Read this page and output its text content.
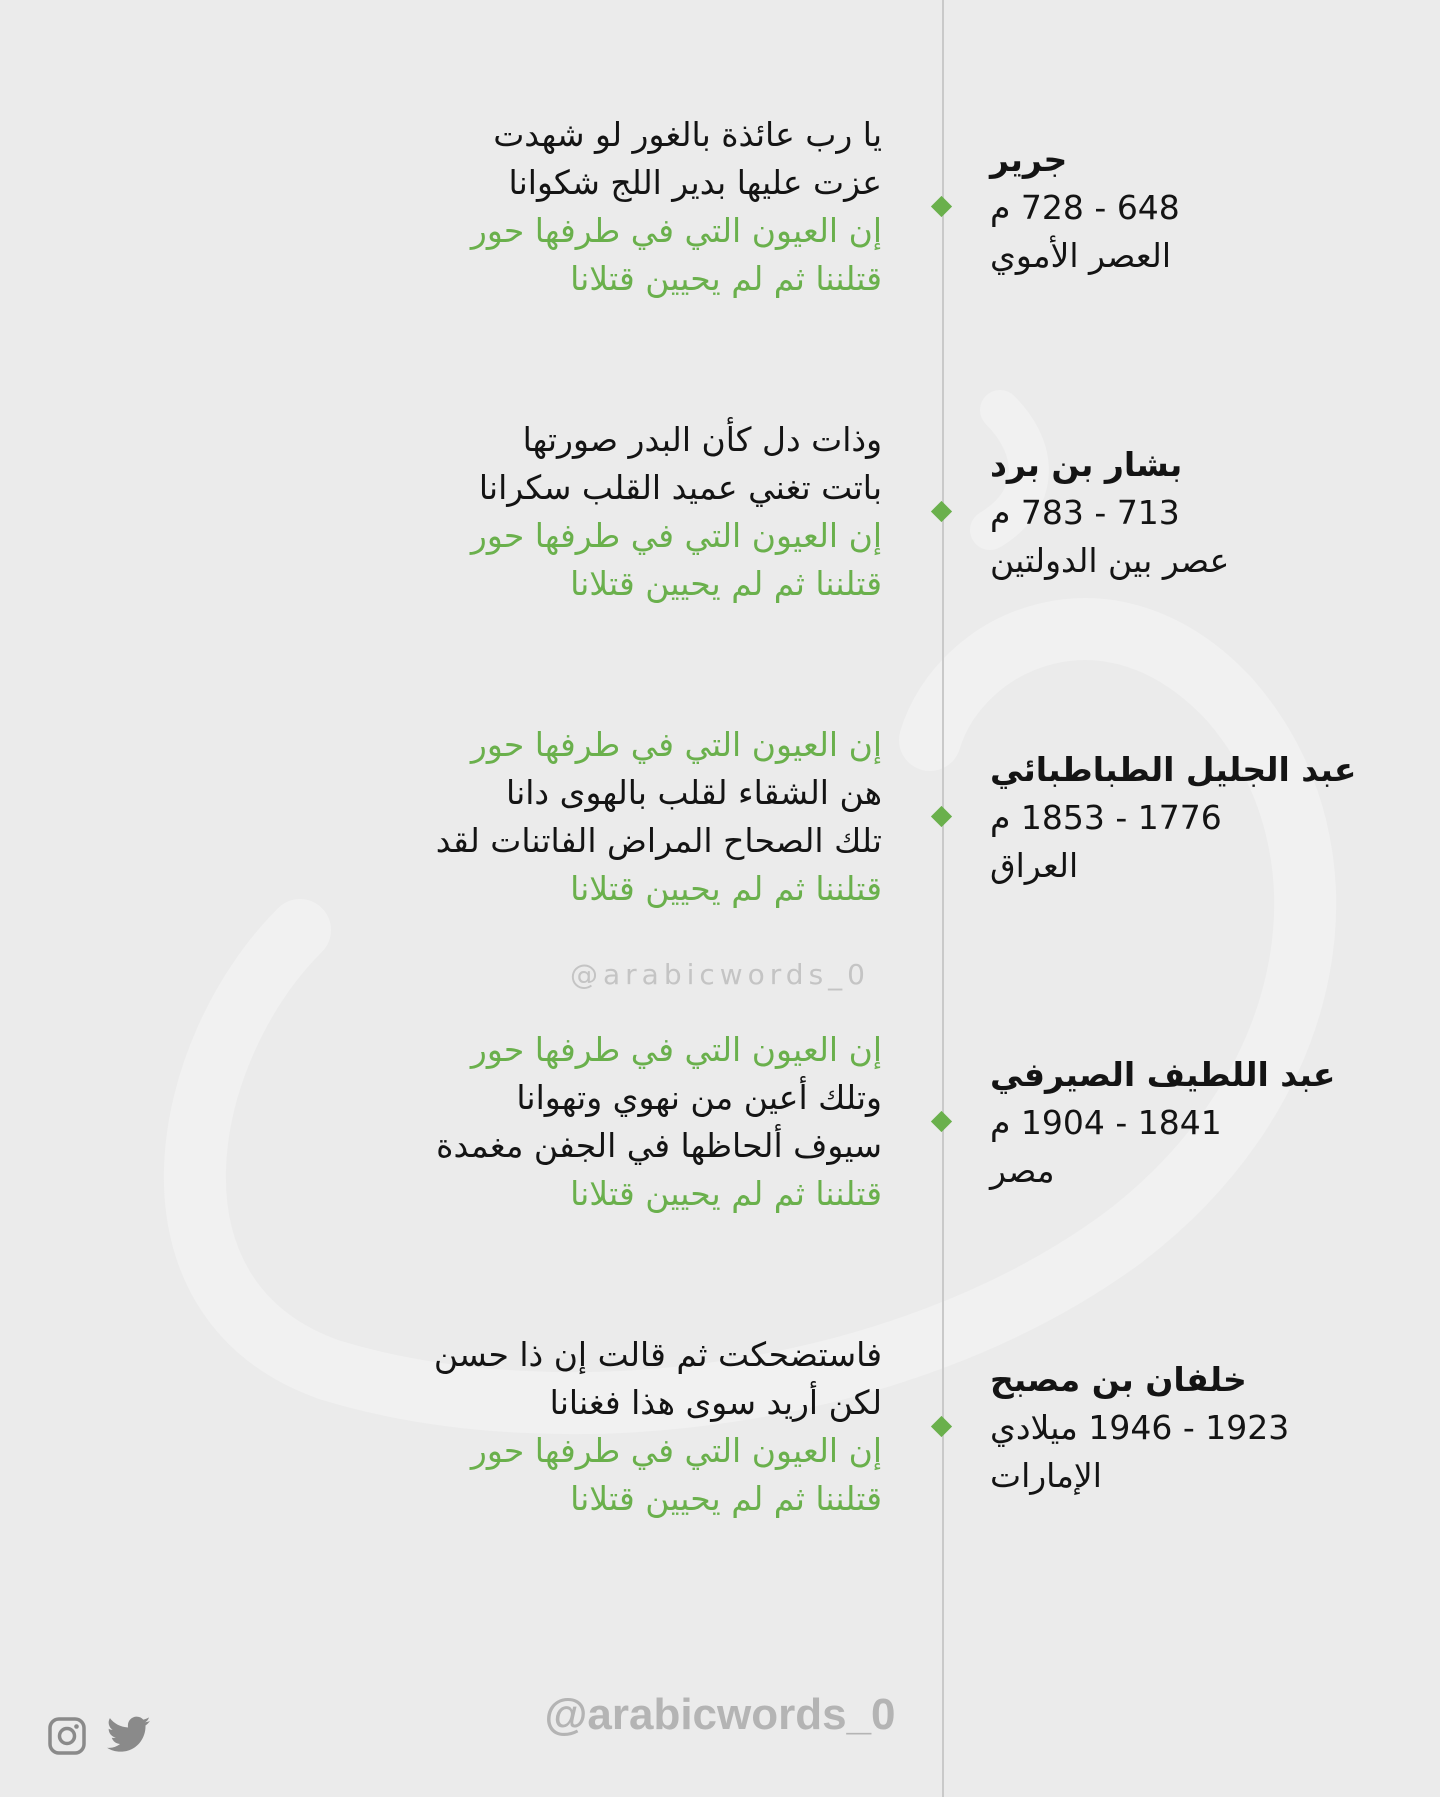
يا رب عائذة بالغور لو شهدت
عزت عليها بدير اللج شكوانا
إن العيون التي في طرفها حور
قتلننا ثم لم يحيين قتلانا
جرير
648 - 728 م
العصر الأموي
وذات دل كأن البدر صورتها
باتت تغني عميد القلب سكرانا
إن العيون التي في طرفها حور
قتلننا ثم لم يحيين قتلانا
بشار بن برد
713 - 783 م
عصر بين الدولتين
إن العيون التي في طرفها حور
هن الشقاء لقلب بالهوى دانا
تلك الصحاح المراض الفاتنات لقد
قتلننا ثم لم يحيين قتلانا
عبد الجليل الطباطبائي
1776 - 1853 م
العراق
@arabicwords_0
إن العيون التي في طرفها حور
وتلك أعين من نهوي وتهوانا
سيوف ألحاظها في الجفن مغمدة
قتلننا ثم لم يحيين قتلانا
عبد اللطيف الصيرفي
1841 - 1904 م
مصر
فاستضحكت ثم قالت إن ذا حسن
لكن أريد سوى هذا فغنانا
إن العيون التي في طرفها حور
قتلننا ثم لم يحيين قتلانا
خلفان بن مصبح
1923 - 1946 ميلادي
الإمارات
@arabicwords_0
